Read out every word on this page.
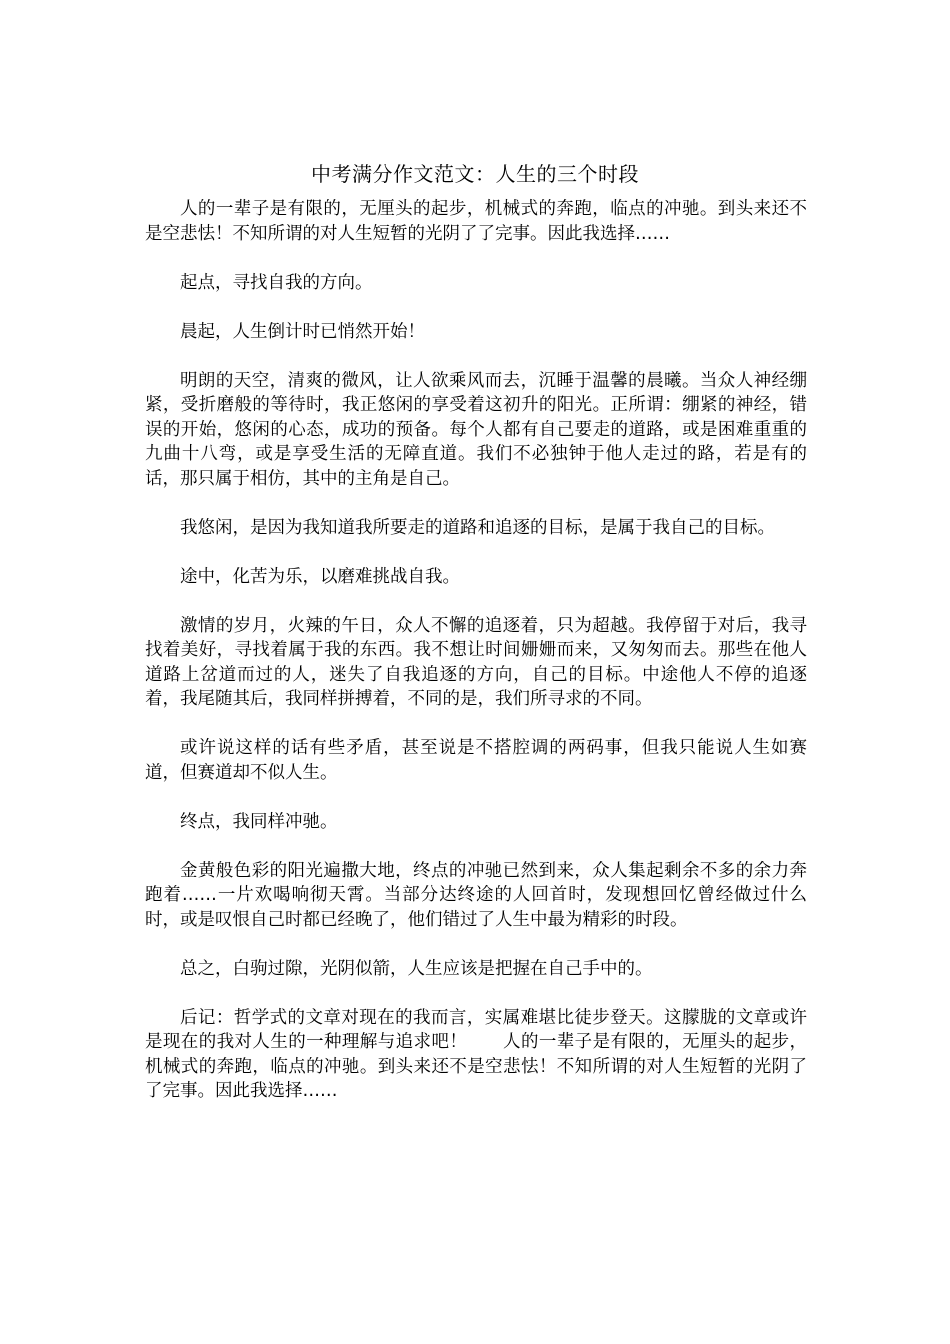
中考满分作文范文：人生的三个时段

人的一辈子是有限的，无厘头的起步，机械式的奔跑，临点的冲驰。到头来还不是空悲怯！不知所谓的对人生短暂的光阴了了完事。因此我选择……

起点，寻找自我的方向。

晨起，人生倒计时已悄然开始！

明朗的天空，清爽的微风，让人欲乘风而去，沉睡于温馨的晨曦。当众人神经绷紧，受折磨般的等待时，我正悠闲的享受着这初升的阳光。正所谓：绷紧的神经，错误的开始，悠闲的心态，成功的预备。每个人都有自己要走的道路，或是困难重重的九曲十八弯，或是享受生活的无障直道。我们不必独钟于他人走过的路，若是有的话，那只属于相仿，其中的主角是自己。

我悠闲，是因为我知道我所要走的道路和追逐的目标，是属于我自己的目标。

途中，化苦为乐，以磨难挑战自我。

激情的岁月，火辣的午日，众人不懈的追逐着，只为超越。我停留于对后，我寻找着美好，寻找着属于我的东西。我不想让时间姗姗而来，又匆匆而去。那些在他人道路上岔道而过的人，迷失了自我追逐的方向，自己的目标。中途他人不停的追逐着，我尾随其后，我同样拼搏着，不同的是，我们所寻求的不同。

或许说这样的话有些矛盾，甚至说是不搭腔调的两码事，但我只能说人生如赛道，但赛道却不似人生。

终点，我同样冲驰。

金黄般色彩的阳光遍撒大地，终点的冲驰已然到来，众人集起剩余不多的余力奔跑着……一片欢喝响彻天霄。当部分达终途的人回首时，发现想回忆曾经做过什么时，或是叹恨自己时都已经晚了，他们错过了人生中最为精彩的时段。

总之，白驹过隙，光阴似箭，人生应该是把握在自己手中的。

后记：哲学式的文章对现在的我而言，实属难堪比徒步登天。这朦胧的文章或许是现在的我对人生的一种理解与追求吧！　　人的一辈子是有限的，无厘头的起步，机械式的奔跑，临点的冲驰。到头来还不是空悲怯！不知所谓的对人生短暂的光阴了了完事。因此我选择……
